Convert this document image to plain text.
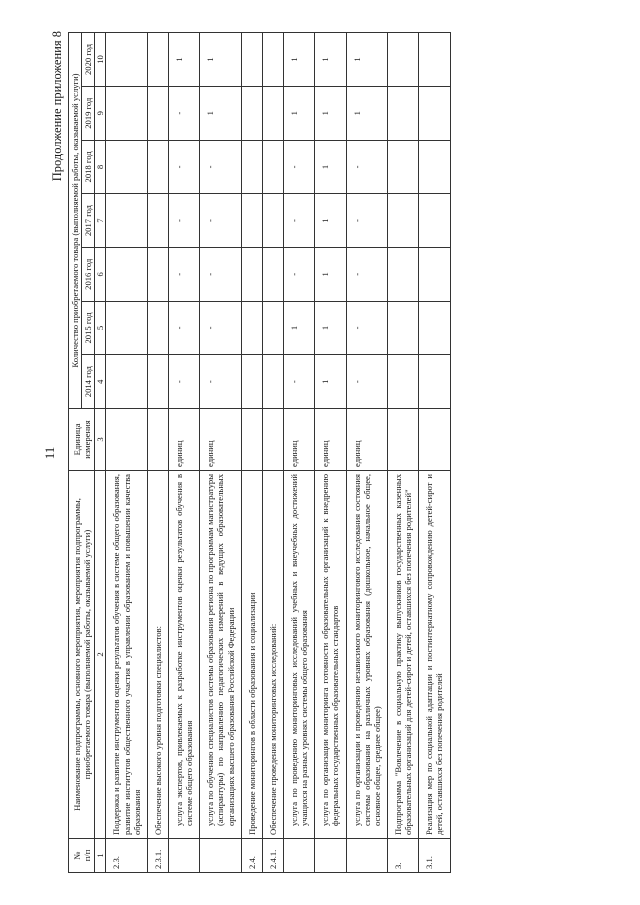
11
Продолжение приложения 8
№
п/п	Наименование подпрограммы, основного мероприятия, мероприятия подпрограммы, приобретаемого товара (выполняемой работы, оказываемой услуги)	Единица измерения	Количество приобретаемого товара (выполняемой работы, оказываемой услуги)						
			2014 год	2015 год	2016 год	2017 год	2018 год	2019 год	2020 год
1	2	3	4	5	6	7	8	9	10
2.3.	Поддержка и развитие инструментов оценки результатов обучения в системе общего образования, развитие институтов общественного участия в управлении образованием и повышении качества образования								
2.3.1.	Обеспечение высокого уровня подготовки специалистов:								
	услуга экспертов, привлекаемых к разработке инструментов оценки результатов обучения в системе общего образования	единиц	-	-	-	-	-	-	1
	услуга по обучению специалистов системы образования региона по программам магистратуры (аспирантуры) по направлению педагогических измерений в ведущих образовательных организациях высшего образования Российской Федерации	единиц	-	-	-	-	-	1	1
2.4.	Проведение мониторингов в области образования и социализации								
2.4.1.	Обеспечение проведения мониторинговых исследований:								
	услуга по проведению мониторинговых исследований учебных и внеучебных достижений учащихся на разных уровнях системы общего образования	единиц	-	1	-	-	-	1	1
	услуга по организации мониторинга готовности образовательных организаций к внедрению федеральных государственных образовательных стандартов	единиц	1	1	1	1	1	1	1
	услуга по организации и проведению независимого мониторингового исследования состояния системы образования на различных уровнях образования (дошкольное, начальное общее, основное общее, среднее общее)	единиц	-	-	-	-	-	1	1
3.	Подпрограмма "Вовлечение в социальную практику выпускников государственных казенных образовательных организаций для детей-сирот и детей, оставшихся без попечения родителей"								
3.1.	Реализация мер по социальной адаптации и постинтернатному сопровождению детей-сирот и детей, оставшихся без попечения родителей								
